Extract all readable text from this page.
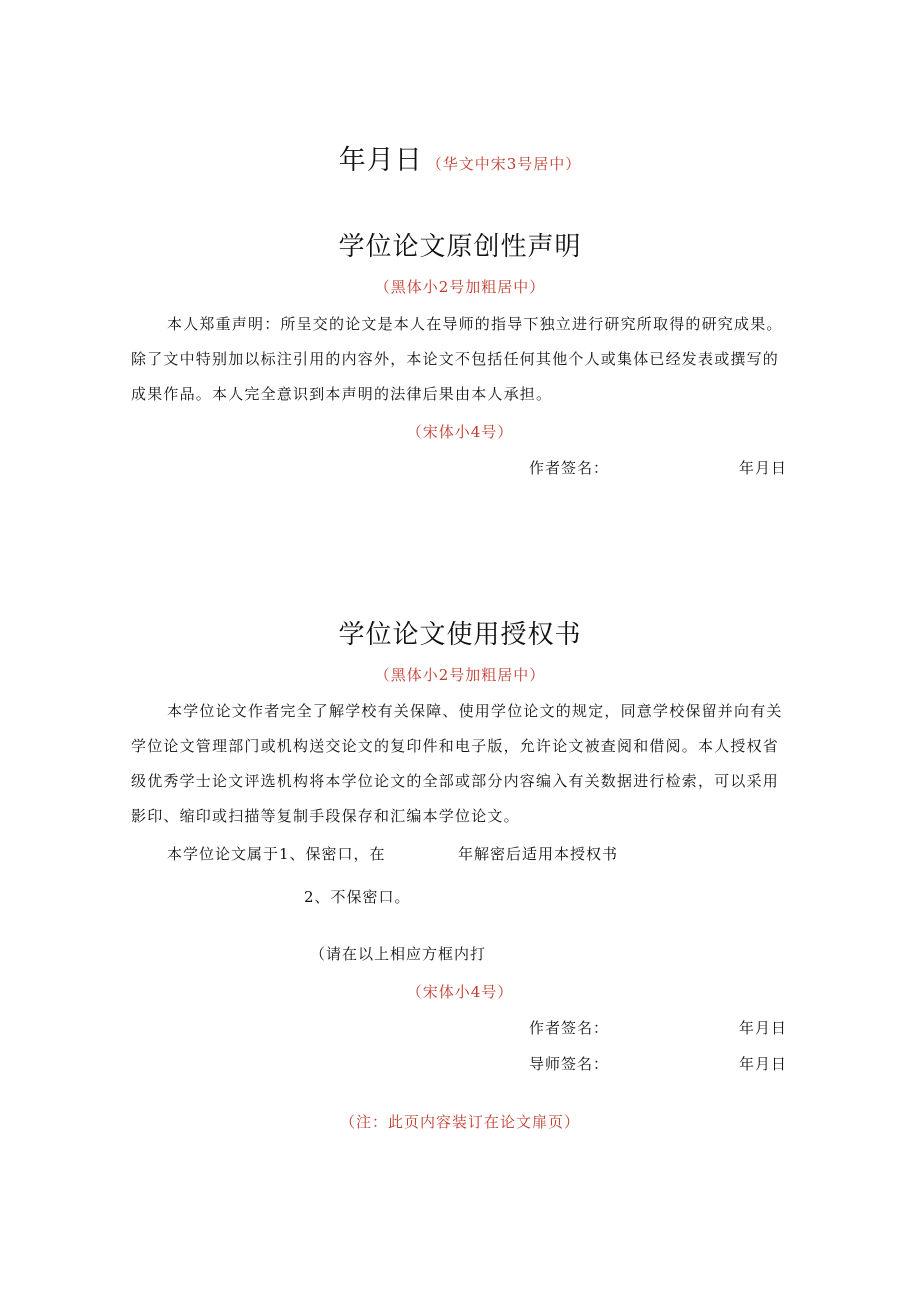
年月日 （华文中宋3号居中）
学位论文原创性声明
（黑体小2号加粗居中）

本人郑重声明：所呈交的论文是本人在导师的指导下独立进行研究所取得的研究成果。除了文中特别加以标注引用的内容外，本论文不包括任何其他个人或集体已经发表或撰写的成果作品。本人完全意识到本声明的法律后果由本人承担。

（宋体小4号）
作者签名：	年月日
学位论文使用授权书
（黑体小2号加粗居中）

本学位论文作者完全了解学校有关保障、使用学位论文的规定，同意学校保留并向有关学位论文管理部门或机构送交论文的复印件和电子版，允许论文被查阅和借阅。本人授权省级优秀学士论文评选机构将本学位论文的全部或部分内容编入有关数据进行检索，可以采用影印、缩印或扫描等复制手段保存和汇编本学位论文。

本学位论文属于1、保密口，在	年解密后适用本授权书
2、不保密口。
（请在以上相应方框内打
（宋体小4号）
作者签名：	年月日
导师签名：	年月日
（注：此页内容装订在论文扉页）
